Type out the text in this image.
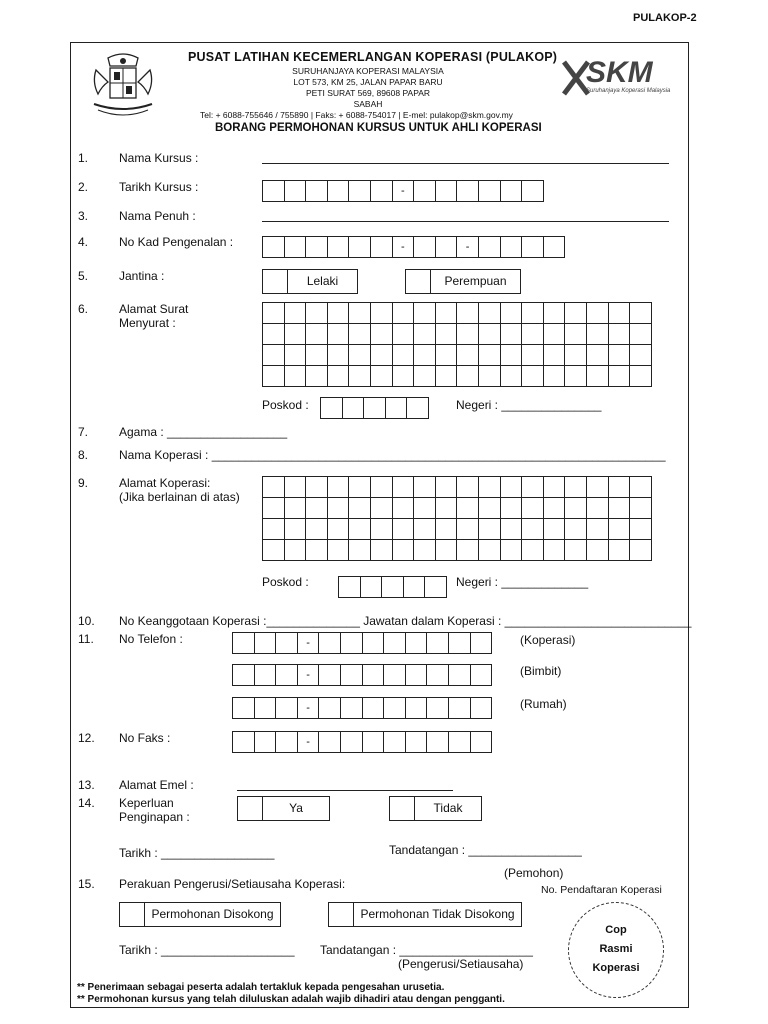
PULAKOP-2
PUSAT LATIHAN KECEMERLANGAN KOPERASI (PULAKOP)
SURUHANJAYA KOPERASI MALAYSIA
LOT 573, KM 25, JALAN PAPAR BARU
PETI SURAT 569, 89608 PAPAR
SABAH
Tel: + 6088-755646 / 755890 | Faks: + 6088-754017 | E-mel: pulakop@skm.gov.my
BORANG PERMOHONAN KURSUS UNTUK AHLI KOPERASI
SKM
Suruhanjaya Koperasi Malaysia
1.	Nama Kursus :
2.	Tarikh Kursus :
							-						
3.	Nama Penuh :
4.	No Kad Pengenalan :
							-			-				
5.	Jantina :	Lelaki	Perempuan
6.	Alamat Surat
Menyurat :

Poskod :
					Negeri : _______________
7.	Agama : __________________
8.	Nama Koperasi : ____________________________________________________________________
9.	Alamat Koperasi:
(Jika berlainan di atas)

Poskod :
					Negeri : _____________
10. No Keanggotaan Koperasi :______________ Jawatan dalam Koperasi : ____________________________
11. No Telefon :
				-									(Koperasi)
			-									(Bimbit)
			-									(Rumah)
12. No Faks :
				-								
13. Alamat Emel :
14. Keperluan
Penginapan :
Ya	Tidak
Tarikh : _________________	Tandatangan : _________________
(Pemohon)
No. Pendaftaran Koperasi
15. Perakuan Pengerusi/Setiausaha Koperasi:
Permohonan Disokong	Permohonan Tidak Disokong
Tarikh : ____________________ Tandatangan : ____________________
(Pengerusi/Setiausaha)
Cop
Rasmi
Koperasi
** Penerimaan sebagai peserta adalah tertakluk kepada pengesahan urusetia.
** Permohonan kursus yang telah diluluskan adalah wajib dihadiri atau dengan pengganti.
